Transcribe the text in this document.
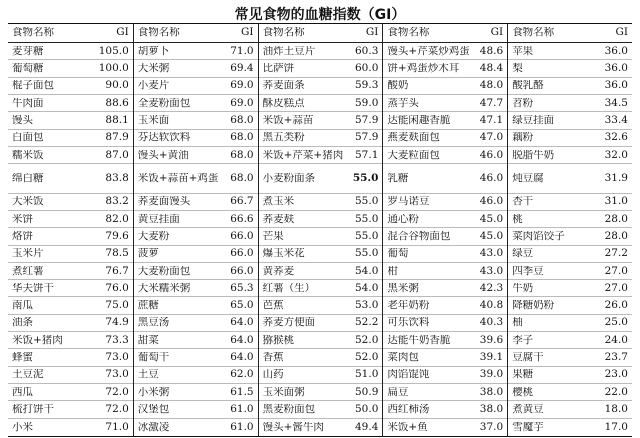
常见食物的血糖指数（GI）
食物名称	GI
麦芽糖	105.0
葡萄糖	100.0
棍子面包	90.0
牛肉面	88.6
馒头	88.1
白面包	87.9
糯米饭	87.0
绵白糖	83.8
大米饭	83.2
米饼	82.0
烙饼	79.6
玉米片	78.5
煮红薯	76.7
华夫饼干	76.0
南瓜	75.0
油条	74.9
米饭+猪肉	73.3
蜂蜜	73.0
土豆泥	73.0
西瓜	72.0
梳打饼干	72.0
小米	71.0
食物名称	GI
胡萝卜	71.0
大米粥	69.4
小麦片	69.0
全麦粉面包	69.0
玉米面	68.0
芬达软饮料	68.0
馒头+黄油	68.0
米饭+蒜苗+鸡蛋	68.0
荞麦面馒头	66.7
黄豆挂面	66.6
大麦粉	66.0
菠萝	66.0
大麦粉面包	66.0
大米糯米粥	65.3
蔗糖	65.0
黑豆汤	64.0
甜菜	64.0
葡萄干	64.0
土豆	62.0
小米粥	61.5
汉堡包	61.0
冰激凌	61.0
食物名称	GI
油炸土豆片	60.3
比萨饼	60.0
荞麦面条	59.3
酥皮糕点	59.0
米饭+蒜苗	57.9
黑五类粉	57.9
米饭+芹菜+猪肉	57.1
小麦粉面条	55.0
煮玉米	55.0
荞麦麸	55.0
芒果	55.0
爆玉米花	55.0
黄荞麦	54.0
红薯（生）	54.0
芭蕉	53.0
荞麦方便面	52.2
猕猴桃	52.0
香蕉	52.0
山药	51.0
玉米面粥	50.9
黑麦粉面包	50.0
馒头+酱牛肉	49.4
食物名称	GI
馒头+芹菜炒鸡蛋 48.6
饼+鸡蛋炒木耳	48.4
酸奶	48.0
蒸芋头	47.7
达能闲趣香脆	47.1
燕麦麸面包	47.0
大麦粒面包	46.0
乳糖	46.0
罗马诺豆	46.0
通心粉	45.0
混合谷物面包	45.0
葡萄	43.0
柑	43.0
黑米粥	42.3
老年奶粉	40.8
可乐饮料	40.3
达能牛奶香脆	39.6
菜肉包	39.1
肉馅馄饨	39.0
扁豆	38.0
西红柿汤	38.0
米饭+鱼	37.0
食物名称	GI
苹果	36.0
梨	36.0
酸乳酪	36.0
苕粉	34.5
绿豆挂面	33.4
藕粉	32.6
脱脂牛奶	32.0
炖豆腐	31.9
杏干	31.0
桃	28.0
菜肉馅饺子	28.0
绿豆	27.2
四季豆	27.0
牛奶	27.0
降糖奶粉	26.0
柚	25.0
李子	24.0
豆腐干	23.7
果糖	23.0
樱桃	22.0
煮黄豆	18.0
雪魔芋	17.0
